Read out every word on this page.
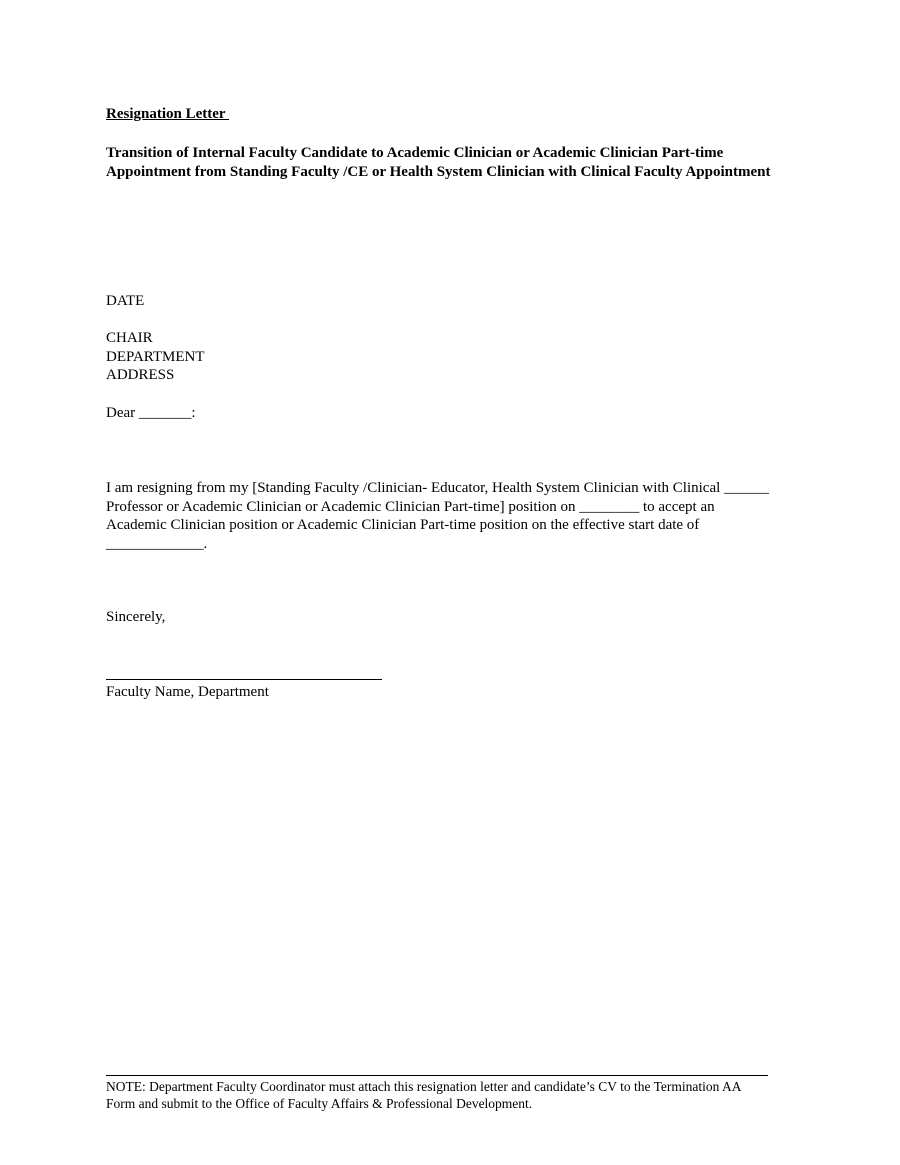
Resignation Letter
Transition of Internal Faculty Candidate to Academic Clinician or Academic Clinician Part-time Appointment from Standing Faculty /CE or Health System Clinician with Clinical Faculty Appointment
DATE
CHAIR
DEPARTMENT
ADDRESS
Dear _______:
I am resigning from my [Standing Faculty /Clinician- Educator, Health System Clinician with Clinical ______ Professor or Academic Clinician or Academic Clinician Part-time] position on ________ to accept an Academic Clinician position or Academic Clinician Part-time position on the effective start date of _____________.
Sincerely,
Faculty Name, Department
NOTE: Department Faculty Coordinator must attach this resignation letter and candidate’s CV to the Termination AA Form and submit to the Office of Faculty Affairs & Professional Development.
